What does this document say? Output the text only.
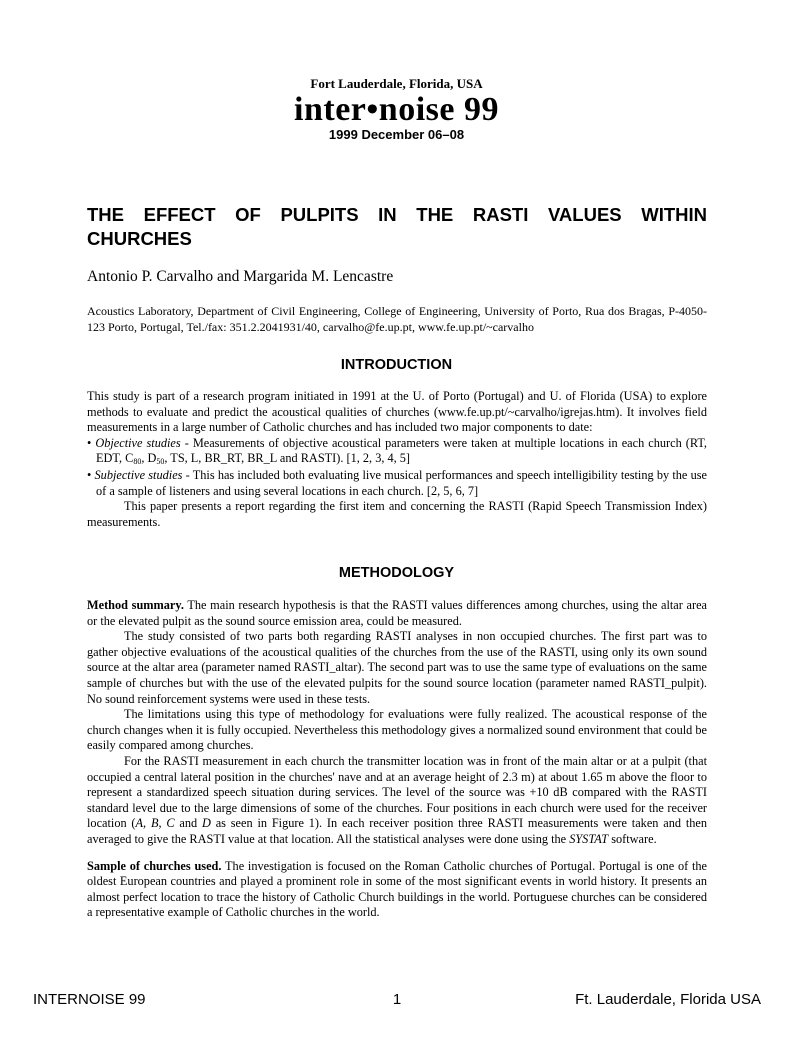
Fort Lauderdale, Florida, USA
inter•noise 99
1999 December 06–08
THE EFFECT OF PULPITS IN THE RASTI VALUES WITHIN CHURCHES
Antonio P. Carvalho and Margarida M. Lencastre
Acoustics Laboratory, Department of Civil Engineering, College of Engineering, University of Porto, Rua dos Bragas, P-4050-123 Porto, Portugal, Tel./fax: 351.2.2041931/40, carvalho@fe.up.pt, www.fe.up.pt/~carvalho
INTRODUCTION

This study is part of a research program initiated in 1991 at the U. of Porto (Portugal) and U. of Florida (USA) to explore methods to evaluate and predict the acoustical qualities of churches (www.fe.up.pt/~carvalho/igrejas.htm). It involves field measurements in a large number of Catholic churches and has included two major components to date:

• Objective studies - Measurements of objective acoustical parameters were taken at multiple locations in each church (RT, EDT, $C_{80}$, $D_{50}$, TS, L, BR_RT, BR_L and RASTI). [1, 2, 3, 4, 5]

• Subjective studies - This has included both evaluating live musical performances and speech intelligibility testing by the use of a sample of listeners and using several locations in each church. [2, 5, 6, 7]

This paper presents a report regarding the first item and concerning the RASTI (Rapid Speech Transmission Index) measurements.

METHODOLOGY

Method summary. The main research hypothesis is that the RASTI values differences among churches, using the altar area or the elevated pulpit as the sound source emission area, could be measured.

The study consisted of two parts both regarding RASTI analyses in non occupied churches. The first part was to gather objective evaluations of the acoustical qualities of the churches from the use of the RASTI, using only its own sound source at the altar area (parameter named RASTI_altar). The second part was to use the same type of evaluations on the same sample of churches but with the use of the elevated pulpits for the sound source location (parameter named RASTI_pulpit). No sound reinforcement systems were used in these tests.

The limitations using this type of methodology for evaluations were fully realized. The acoustical response of the church changes when it is fully occupied. Nevertheless this methodology gives a normalized sound environment that could be easily compared among churches.

For the RASTI measurement in each church the transmitter location was in front of the main altar or at a pulpit (that occupied a central lateral position in the churches' nave and at an average height of 2.3 m) at about 1.65 m above the floor to represent a standardized speech situation during services. The level of the source was +10 dB compared with the RASTI standard level due to the large dimensions of some of the churches. Four positions in each church were used for the receiver location (A, B, C and D as seen in Figure 1). In each receiver position three RASTI measurements were taken and then averaged to give the RASTI value at that location. All the statistical analyses were done using the SYSTAT software.

Sample of churches used. The investigation is focused on the Roman Catholic churches of Portugal. Portugal is one of the oldest European countries and played a prominent role in some of the most significant events in world history. It presents an almost perfect location to trace the history of Catholic Church buildings in the world. Portuguese churches can be considered a representative example of Catholic churches in the world.

INTERNOISE 99	1	Ft. Lauderdale, Florida USA
